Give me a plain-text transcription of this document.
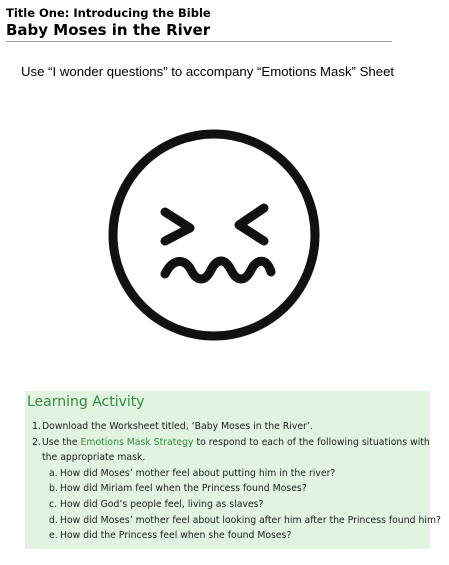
Title One: Introducing the Bible
Baby Moses in the River
Use “I wonder questions” to accompany “Emotions Mask” Sheet
Learning Activity
1. Download the Worksheet titled, ‘Baby Moses in the River’.
2. Use the Emotions Mask Strategy to respond to each of the following situations with
the appropriate mask.
a. How did Moses’ mother feel about putting him in the river?
b. How did Miriam feel when the Princess found Moses?
c. How did God’s people feel, living as slaves?
d. How did Moses’ mother feel about looking after him after the Princess found him?
e. How did the Princess feel when she found Moses?
